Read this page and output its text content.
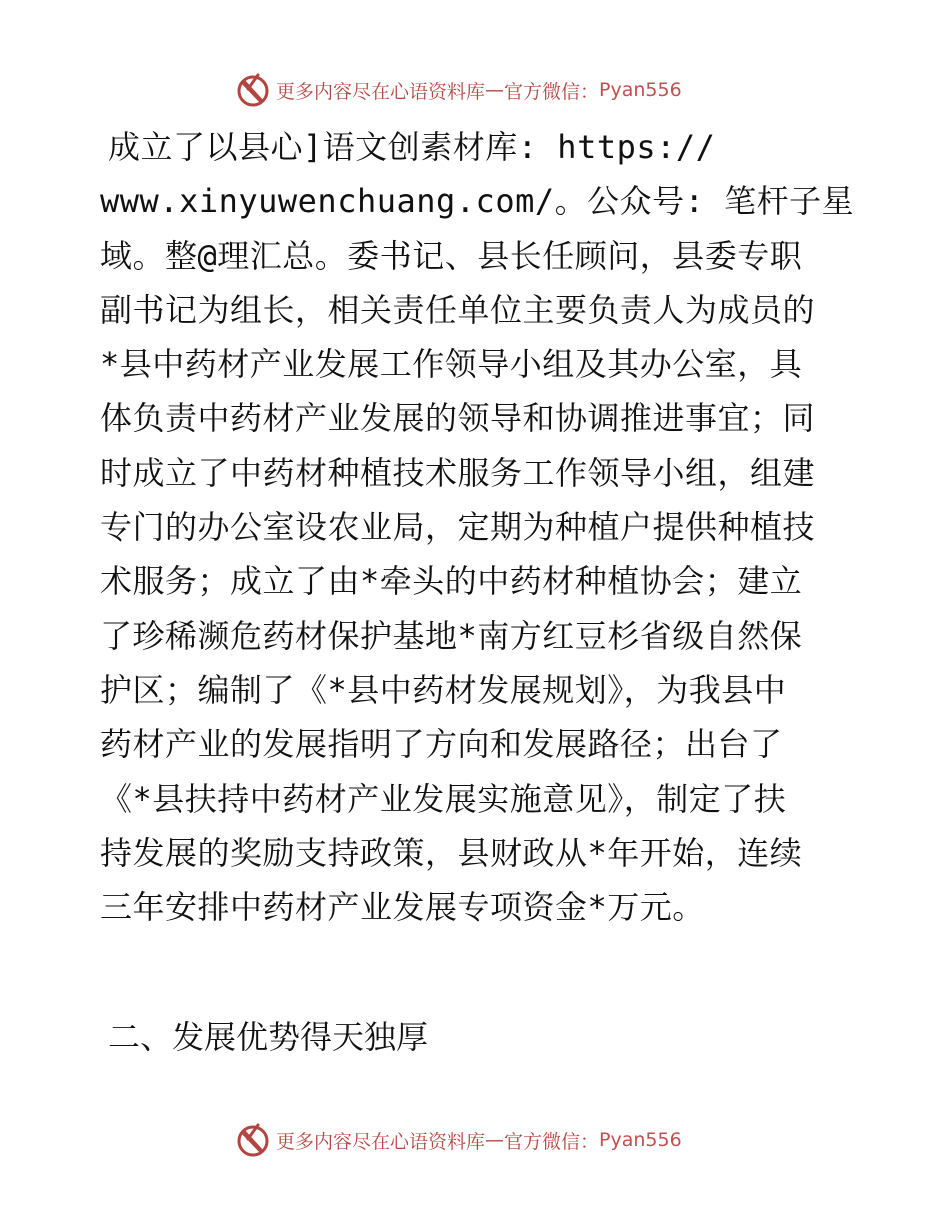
更多内容尽在心语资料库 — 官方微信： Pyan556
成立了以县心]语文创素材库: https://
www.xinyuwenchuang.com/。公众号: 笔杆子星
域。整@理汇总。委书记、县长任顾问，县委专职
副书记为组长，相关责任单位主要负责人为成员的
*县中药材产业发展工作领导小组及其办公室，具
体负责中药材产业发展的领导和协调推进事宜；同
时成立了中药材种植技术服务工作领导小组，组建
专门的办公室设农业局，定期为种植户提供种植技
术服务；成立了由*牵头的中药材种植协会；建立
了珍稀濒危药材保护基地*南方红豆杉省级自然保
护区；编制了《*县中药材发展规划》，为我县中
药材产业的发展指明了方向和发展路径；出台了
《*县扶持中药材产业发展实施意见》，制定了扶
持发展的奖励支持政策，县财政从*年开始，连续
三年安排中药材产业发展专项资金*万元。
二、发展优势得天独厚
更多内容尽在心语资料库 — 官方微信： Pyan556
